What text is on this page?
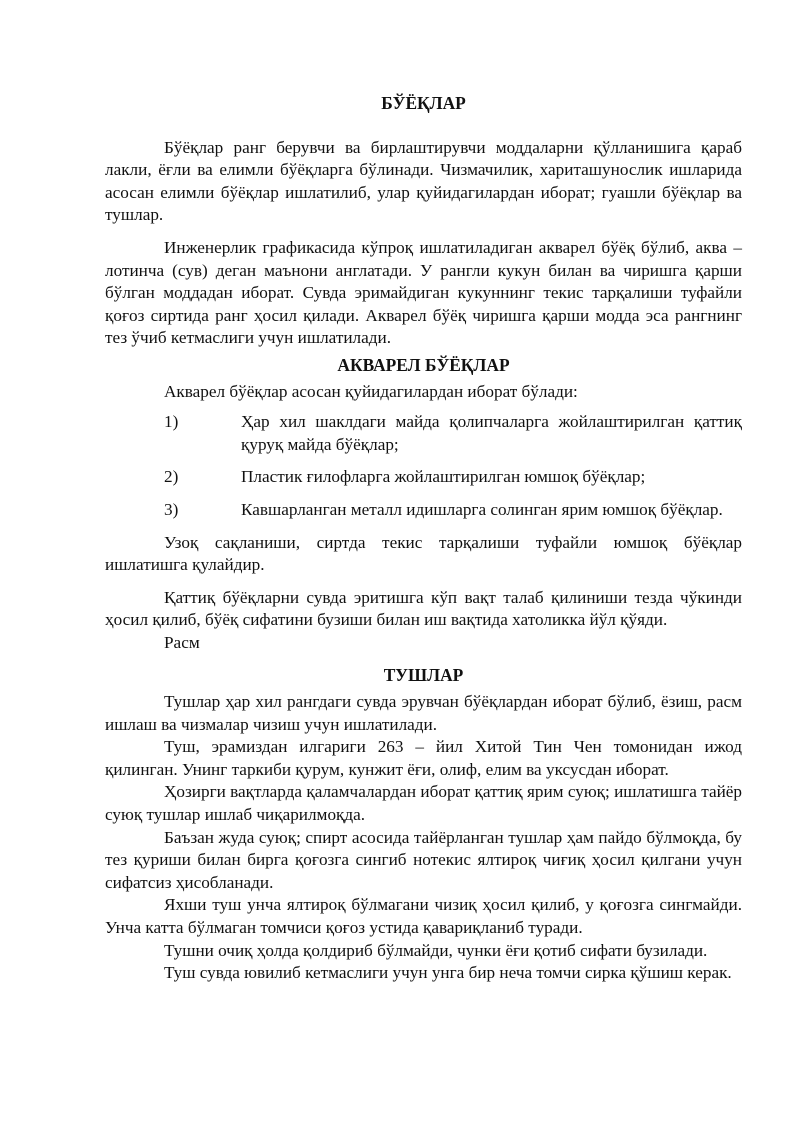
БЎЁҚЛАР

Бўёқлар ранг берувчи ва бирлаштирувчи моддаларни қўлланишига қараб лакли, ёғли ва елимли бўёқларга бўлинади. Чизмачилик, хариташунослик ишларида асосан елимли бўёқлар ишлатилиб, улар қуйидагилардан иборат; гуашли бўёқлар ва тушлар.

Инженерлик графикасида кўпроқ ишлатиладиган акварел бўёқ бўлиб, аква – лотинча (сув) деган маънони англатади. У рангли кукун билан ва чиришга қарши бўлган моддадан иборат. Сувда эримайдиган кукуннинг текис тарқалиши туфайли қоғоз сиртида ранг ҳосил қилади. Акварел бўёқ чиришга қарши модда эса рангнинг тез ўчиб кетмаслиги учун ишлатилади.

АКВАРЕЛ БЎЁҚЛАР

Акварел бўёқлар асосан қуйидагилардан иборат бўлади:

1)	Ҳар хил шаклдаги майда қолипчаларга жойлаштирилган қаттиқ қуруқ майда бўёқлар;
2)	Пластик ғилофларга жойлаштирилган юмшоқ бўёқлар;
3)	Кавшарланган металл идишларга солинган ярим юмшоқ бўёқлар.

Узоқ сақланиши, сиртда текис тарқалиши туфайли юмшоқ бўёқлар ишлатишга қулайдир.

Қаттиқ бўёқларни сувда эритишга кўп вақт талаб қилиниши тезда чўкинди ҳосил қилиб, бўёқ сифатини бузиши билан иш вақтида хатоликка йўл қўяди.

Расм

ТУШЛАР

Тушлар ҳар хил рангдаги сувда эрувчан бўёқлардан иборат бўлиб, ёзиш, расм ишлаш ва чизмалар чизиш учун ишлатилади.

Туш, эрамиздан илгариги 263 – йил Хитой Тин Чен томонидан ижод қилинган. Унинг таркиби қурум, кунжит ёғи, олиф, елим ва уксусдан иборат.

Ҳозирги вақтларда қаламчалардан иборат қаттиқ ярим суюқ; ишлатишга тайёр суюқ тушлар ишлаб чиқарилмоқда.

Баъзан жуда суюқ; спирт асосида тайёрланган тушлар ҳам пайдо бўлмоқда, бу тез қуриши билан бирга қоғозга сингиб нотекис ялтироқ чиғиқ ҳосил қилгани учун сифатсиз ҳисобланади.

Яхши туш унча ялтироқ бўлмагани чизиқ ҳосил қилиб, у қоғозга сингмайди. Унча катта бўлмаган томчиси қоғоз устида қавариқланиб туради.

Тушни очиқ ҳолда қолдириб бўлмайди, чунки ёғи қотиб сифати бузилади.

Туш сувда ювилиб кетмаслиги учун унга бир неча томчи сирка қўшиш керак.
